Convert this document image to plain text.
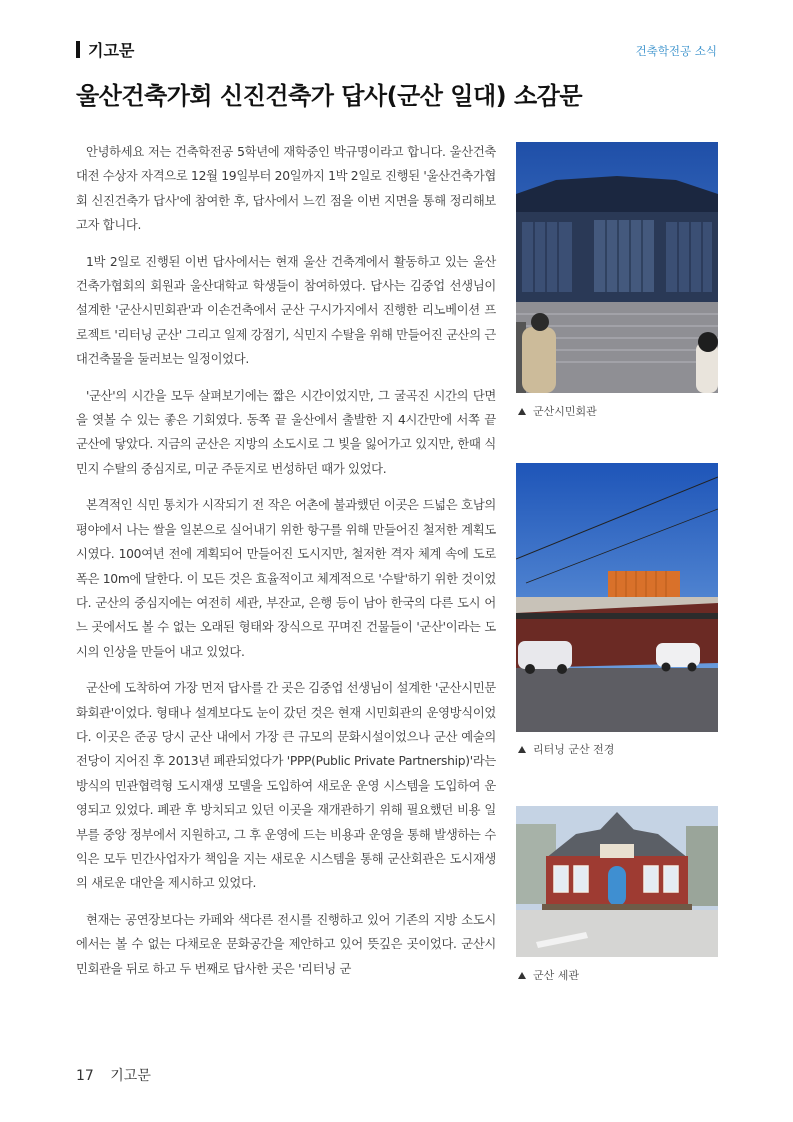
기고문	건축학전공 소식
울산건축가회 신진건축가 답사(군산 일대) 소감문

안녕하세요 저는 건축학전공 5학년에 재학중인 박규명이라고 합니다. 울산건축대전 수상자 자격으로 12월 19일부터 20일까지 1박 2일로 진행된 '울산건축가협회 신진건축가 답사'에 참여한 후, 답사에서 느낀 점을 이번 지면을 통해 정리해보고자 합니다.

1박 2일로 진행된 이번 답사에서는 현재 울산 건축계에서 활동하고 있는 울산건축가협회의 회원과 울산대학교 학생들이 참여하였다. 답사는 김중업 선생님이 설계한 '군산시민회관'과 이손건축에서 군산 구시가지에서 진행한 리노베이션 프로젝트 '리터닝 군산' 그리고 일제 강점기, 식민지 수탈을 위해 만들어진 군산의 근대건축물을 둘러보는 일정이었다.

'군산'의 시간을 모두 살펴보기에는 짧은 시간이었지만, 그 굴곡진 시간의 단면을 엿볼 수 있는 좋은 기회였다. 동쪽 끝 울산에서 출발한 지 4시간만에 서쪽 끝 군산에 닿았다. 지금의 군산은 지방의 소도시로 그 빛을 잃어가고 있지만, 한때 식민지 수탈의 중심지로, 미군 주둔지로 번성하던 때가 있었다.

본격적인 식민 통치가 시작되기 전 작은 어촌에 불과했던 이곳은 드넓은 호남의 평야에서 나는 쌀을 일본으로 실어내기 위한 항구를 위해 만들어진 철저한 계획도시였다. 100여년 전에 계획되어 만들어진 도시지만, 철저한 격자 체계 속에 도로 폭은 10m에 달한다. 이 모든 것은 효율적이고 체계적으로 '수탈'하기 위한 것이었다. 군산의 중심지에는 여전히 세관, 부잔교, 은행 등이 남아 한국의 다른 도시 어느 곳에서도 볼 수 없는 오래된 형태와 장식으로 꾸며진 건물들이 '군산'이라는 도시의 인상을 만들어 내고 있었다.

군산에 도착하여 가장 먼저 답사를 간 곳은 김중업 선생님이 설계한 '군산시민문화회관'이었다. 형태나 설계보다도 눈이 갔던 것은 현재 시민회관의 운영방식이었다. 이곳은 준공 당시 군산 내에서 가장 큰 규모의 문화시설이었으나 군산 예술의 전당이 지어진 후 2013년 폐관되었다가 'PPP(Public Private Partnership)'라는 방식의 민관협력형 도시재생 모델을 도입하여 새로운 운영 시스템을 도입하여 운영되고 있었다. 폐관 후 방치되고 있던 이곳을 재개관하기 위해 필요했던 비용 일부를 중앙 정부에서 지원하고, 그 후 운영에 드는 비용과 운영을 통해 발생하는 수익은 모두 민간사업자가 책임을 지는 새로운 시스템을 통해 군산회관은 도시재생의 새로운 대안을 제시하고 있었다.

현재는 공연장보다는 카페와 색다른 전시를 진행하고 있어 기존의 지방 소도시에서는 볼 수 없는 다채로운 문화공간을 제안하고 있어 뜻깊은 곳이었다. 군산시민회관을 뒤로 하고 두 번째로 답사한 곳은 '리터닝 군

군산시민회관
리터닝 군산 전경
군산 세관
17 기고문
